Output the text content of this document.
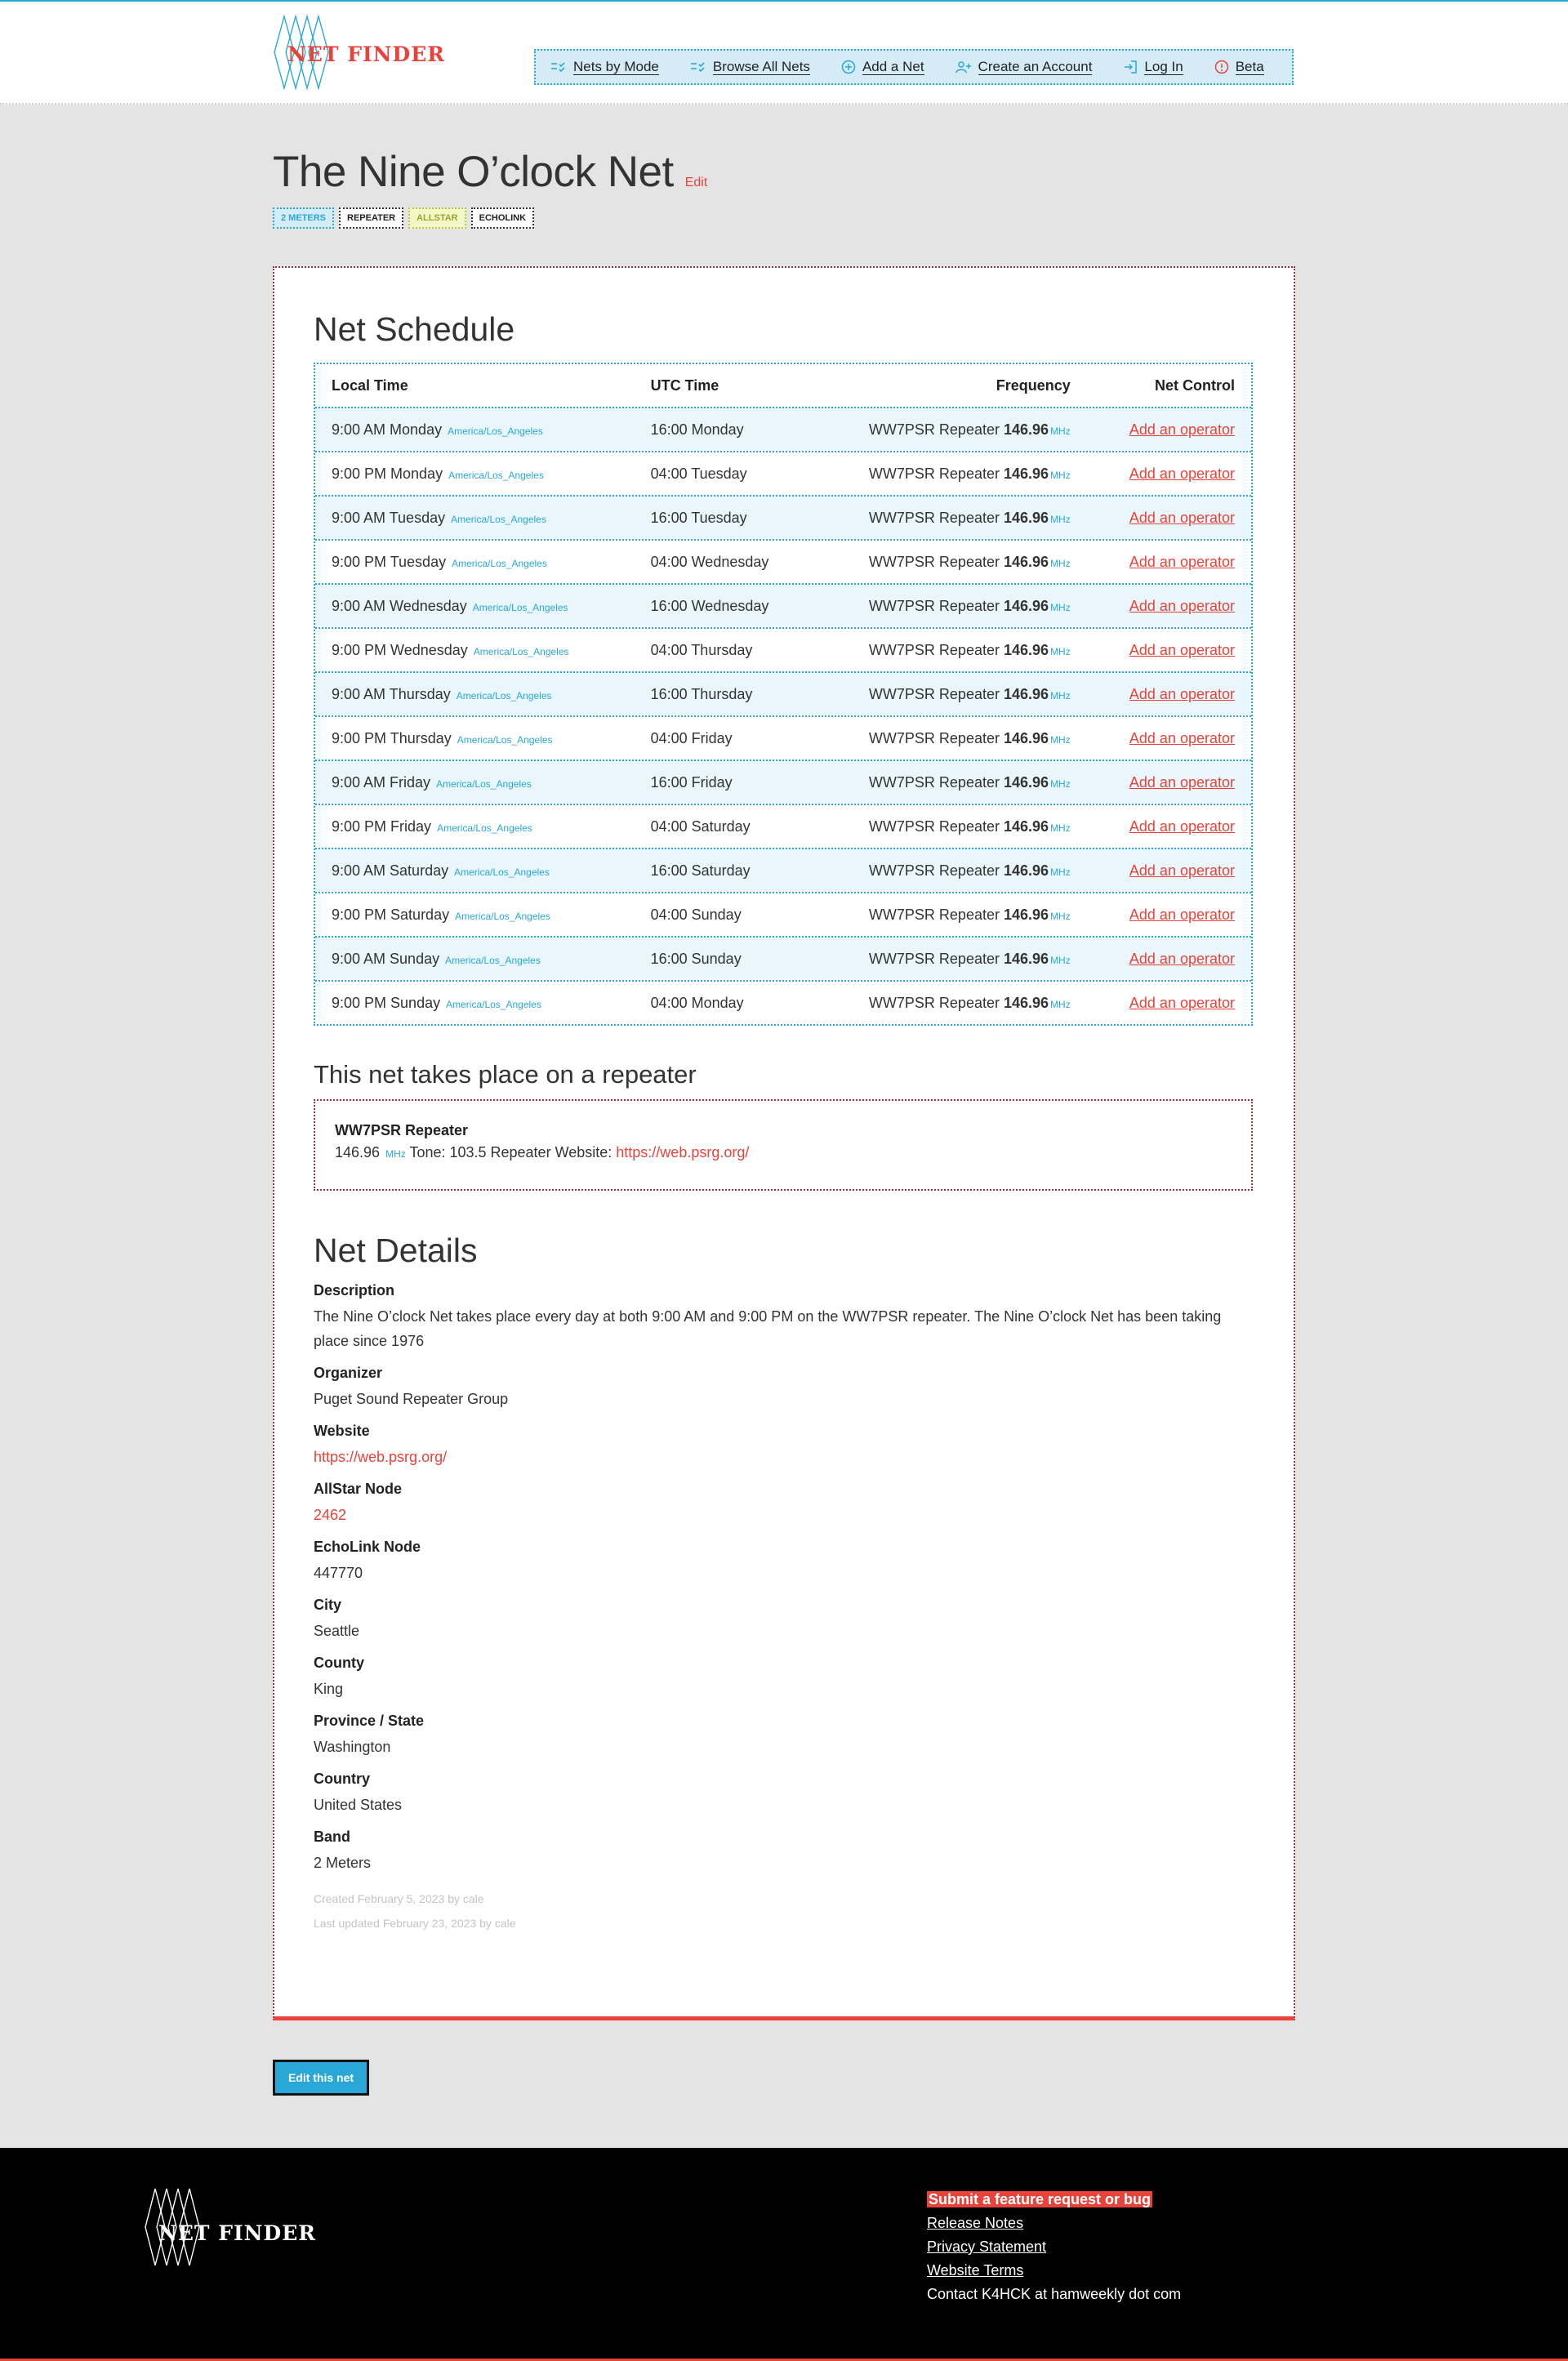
NET FINDER
Nets by Mode	Browse All Nets	Add a Net	Create an Account	Log In	Beta
The Nine O’clock Net Edit
2 METERS	REPEATER	ALLSTAR	ECHOLINK
Net Schedule
Local Time	UTC Time	Frequency	Net Control
9:00 AM Monday America/Los_Angeles	16:00 Monday	WW7PSR Repeater 146.96 MHz	Add an operator
9:00 PM Monday America/Los_Angeles	04:00 Tuesday	WW7PSR Repeater 146.96 MHz	Add an operator
9:00 AM Tuesday America/Los_Angeles	16:00 Tuesday	WW7PSR Repeater 146.96 MHz	Add an operator
9:00 PM Tuesday America/Los_Angeles	04:00 Wednesday	WW7PSR Repeater 146.96 MHz	Add an operator
9:00 AM Wednesday America/Los_Angeles	16:00 Wednesday	WW7PSR Repeater 146.96 MHz	Add an operator
9:00 PM Wednesday America/Los_Angeles	04:00 Thursday	WW7PSR Repeater 146.96 MHz	Add an operator
9:00 AM Thursday America/Los_Angeles	16:00 Thursday	WW7PSR Repeater 146.96 MHz	Add an operator
9:00 PM Thursday America/Los_Angeles	04:00 Friday	WW7PSR Repeater 146.96 MHz	Add an operator
9:00 AM Friday America/Los_Angeles	16:00 Friday	WW7PSR Repeater 146.96 MHz	Add an operator
9:00 PM Friday America/Los_Angeles	04:00 Saturday	WW7PSR Repeater 146.96 MHz	Add an operator
9:00 AM Saturday America/Los_Angeles	16:00 Saturday	WW7PSR Repeater 146.96 MHz	Add an operator
9:00 PM Saturday America/Los_Angeles	04:00 Sunday	WW7PSR Repeater 146.96 MHz	Add an operator
9:00 AM Sunday America/Los_Angeles	16:00 Sunday	WW7PSR Repeater 146.96 MHz	Add an operator
9:00 PM Sunday America/Los_Angeles	04:00 Monday	WW7PSR Repeater 146.96 MHz	Add an operator
This net takes place on a repeater
WW7PSR Repeater
146.96 MHz Tone: 103.5 Repeater Website: https://web.psrg.org/
Net Details
Description
The Nine O’clock Net takes place every day at both 9:00 AM and 9:00 PM on the WW7PSR repeater. The Nine O’clock Net has been taking place since 1976
Organizer
Puget Sound Repeater Group
Website
https://web.psrg.org/
AllStar Node
2462
EchoLink Node
447770
City
Seattle
County
King
Province / State
Washington
Country
United States
Band
2 Meters
Created February 5, 2023 by cale
Last updated February 23, 2023 by cale
Edit this net
NET FINDER
Submit a feature request or bug
Release Notes
Privacy Statement
Website Terms
Contact K4HCK at hamweekly dot com
